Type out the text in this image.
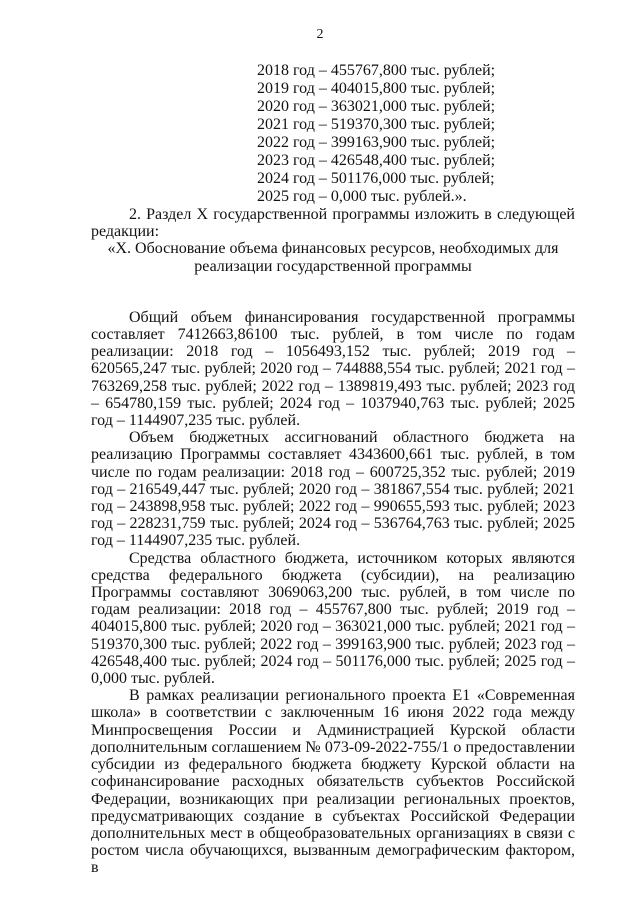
2
2018 год – 455767,800 тыс. рублей;
2019 год – 404015,800 тыс. рублей;
2020 год – 363021,000 тыс. рублей;
2021 год – 519370,300 тыс. рублей;
2022 год – 399163,900 тыс. рублей;
2023 год – 426548,400 тыс. рублей;
2024 год – 501176,000 тыс. рублей;
2025 год – 0,000 тыс. рублей.».

2. Раздел X государственной программы изложить в следующей редакции:

«X. Обоснование объема финансовых ресурсов, необходимых для

реализации государственной программы

Общий объем финансирования государственной программы составляет 7412663,86100 тыс. рублей, в том числе по годам реализации: 2018 год – 1056493,152 тыс. рублей; 2019 год – 620565,247 тыс. рублей; 2020 год – 744888,554 тыс. рублей; 2021 год – 763269,258 тыс. рублей; 2022 год – 1389819,493 тыс. рублей; 2023 год – 654780,159 тыс. рублей; 2024 год – 1037940,763 тыс. рублей; 2025 год – 1144907,235 тыс. рублей.

Объем бюджетных ассигнований областного бюджета на реализацию Программы составляет 4343600,661 тыс. рублей, в том числе по годам реализации: 2018 год – 600725,352 тыс. рублей; 2019 год – 216549,447 тыс. рублей; 2020 год – 381867,554 тыс. рублей; 2021 год – 243898,958 тыс. рублей; 2022 год – 990655,593 тыс. рублей; 2023 год – 228231,759 тыс. рублей; 2024 год – 536764,763 тыс. рублей; 2025 год – 1144907,235 тыс. рублей.

Средства областного бюджета, источником которых являются средства федерального бюджета (субсидии), на реализацию Программы составляют 3069063,200 тыс. рублей, в том числе по годам реализации: 2018 год – 455767,800 тыс. рублей; 2019 год – 404015,800 тыс. рублей; 2020 год – 363021,000 тыс. рублей; 2021 год – 519370,300 тыс. рублей; 2022 год – 399163,900 тыс. рублей; 2023 год – 426548,400 тыс. рублей; 2024 год – 501176,000 тыс. рублей; 2025 год – 0,000 тыс. рублей.

В рамках реализации регионального проекта E1 «Современная школа» в соответствии с заключенным 16 июня 2022 года между Минпросвещения России и Администрацией Курской области дополнительным соглашением № 073-09-2022-755/1 о предоставлении субсидии из федерального бюджета бюджету Курской области на софинансирование расходных обязательств субъектов Российской Федерации, возникающих при реализации региональных проектов, предусматривающих создание в субъектах Российской Федерации дополнительных мест в общеобразовательных организациях в связи с ростом числа обучающихся, вызванным демографическим фактором, в
